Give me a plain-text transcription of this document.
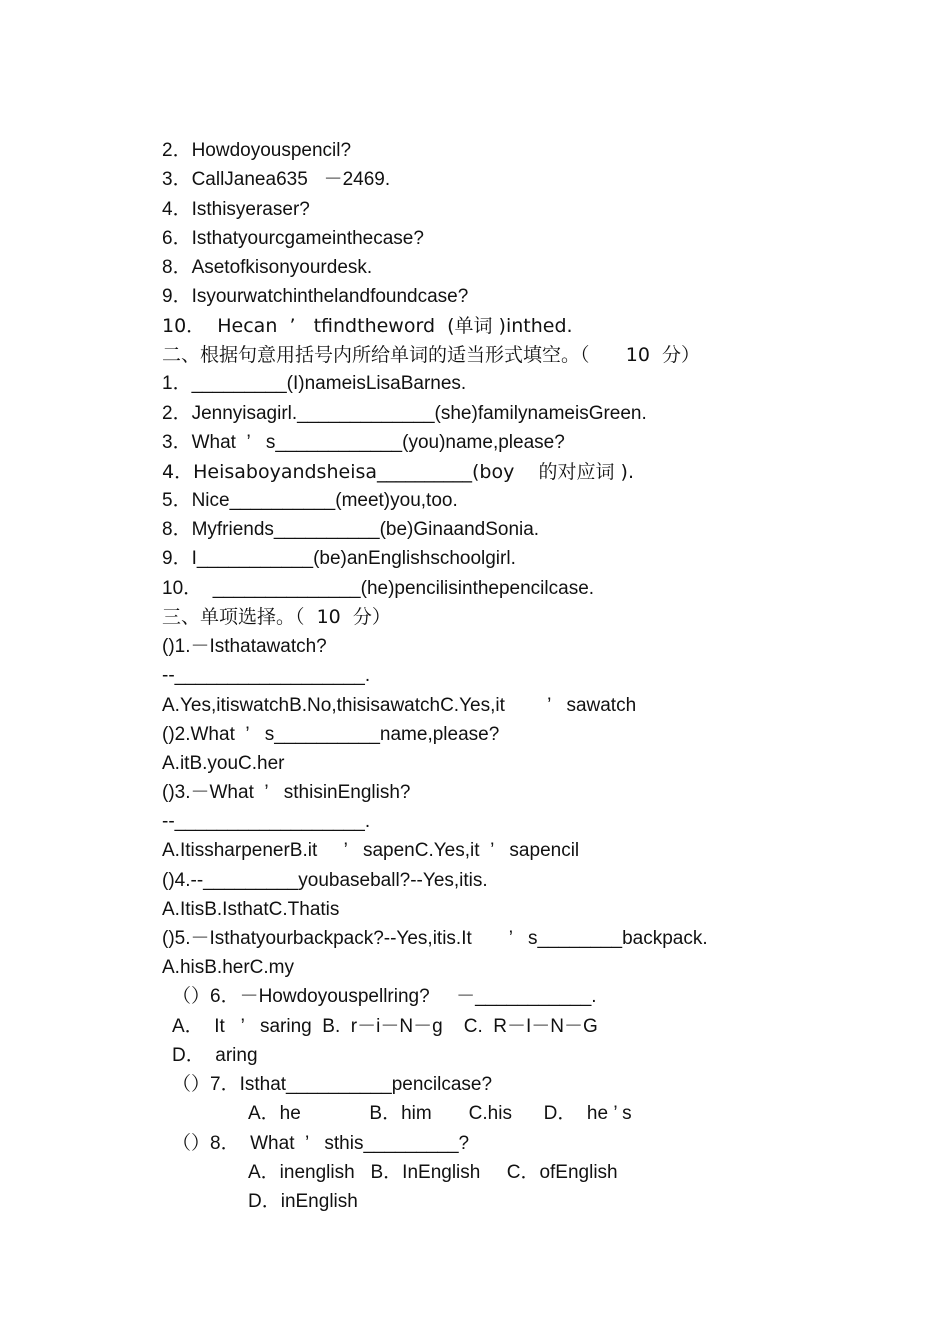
2．Howdoyouspencil?
3．CallJanea635   －2469.
4．Isthisyeraser?
6．Isthatyourcgameinthecase?
8．Asetofkisonyourdesk.
9．Isyourwatchinthelandfoundcase?
10．  Hecan  ’   tfindtheword  (单词 )inthed.
二、根据句意用括号内所给单词的适当形式填空。（      10  分）
1．_________(I)nameisLisaBarnes.
2．Jennyisagirl._____________(she)familynameisGreen.
3．What  ’   s____________(you)name,please?
4．Heisaboyandsheisa__________(boy    的对应词 ).
5．Nice__________(meet)you,too.
8．Myfriends__________(be)GinaandSonia.
9．I___________(be)anEnglishschoolgirl.
10．  ______________(he)pencilisinthepencilcase.
三、单项选择。（  10  分）
()1.－Isthatawatch?
--__________________.
A.Yes,itiswatchB.No,thisisawatchC.Yes,it        ’   sawatch
()2.What  ’   s__________name,please?
A.itB.youC.her
()3.－What  ’   sthisinEnglish?
--__________________.
A.ItissharpenerB.it     ’   sapenC.Yes,it  ’   sapencil
()4.--_________youbaseball?--Yes,itis.
A.ItisB.IsthatC.Thatis
()5.－Isthatyourbackpack?--Yes,itis.It       ’   s________backpack.
A.hisB.herC.my
（）6．－Howdoyouspellring?     －___________.
A．  It   ’   saring  B.  r－i－N－g    C.  R－I－N－G
D．  aring
（）7．Isthat__________pencilcase?
A．he             B．him       C.his      D．  he ’ s
（）8．  What  ’   sthis_________?
A．inenglish   B．InEnglish     C．ofEnglish
D．inEnglish
